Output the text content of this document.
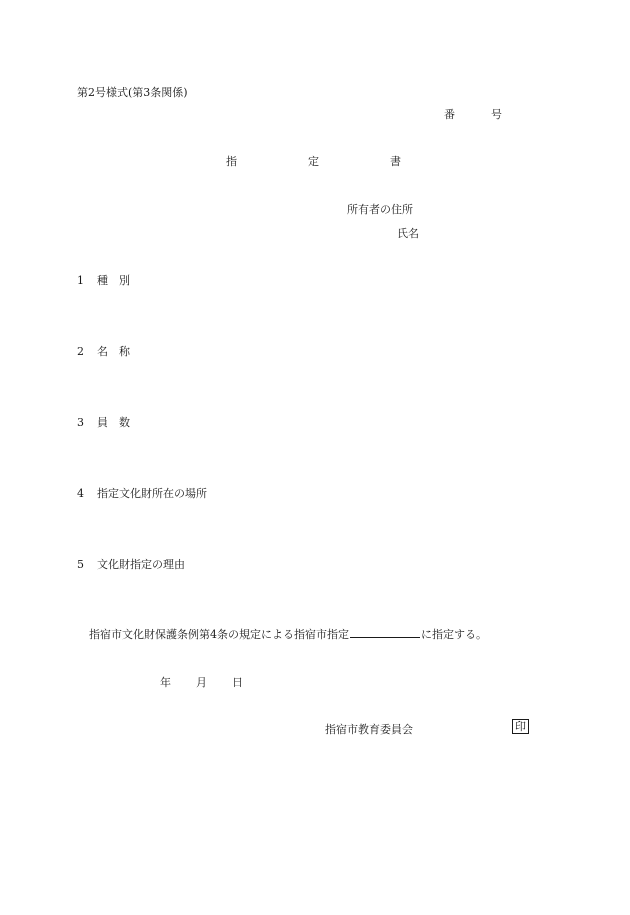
第2号様式(第3条関係)
番	号
指	定	書
所有者の住所
氏名
1 種　別
2 名　称
3 員　数
4 指定文化財所在の場所
5 文化財指定の理由
指宿市文化財保護条例第4条の規定による指宿市指定	に指定する。
年 月 日
指宿市教育委員会	印
